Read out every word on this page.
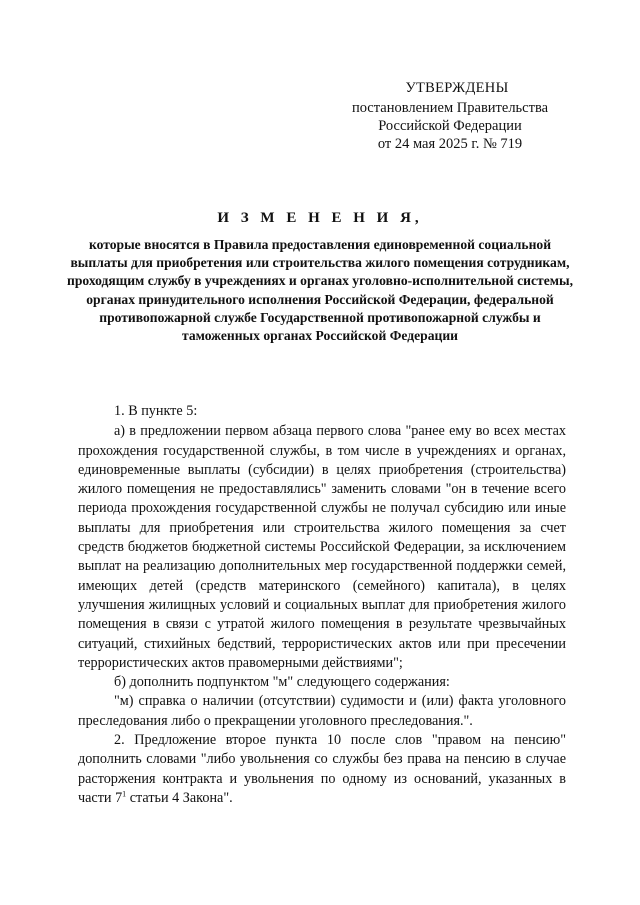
УТВЕРЖДЕНЫ
постановлением Правительства
Российской Федерации
от 24 мая 2025 г. № 719
И З М Е Н Е Н И Я,
которые вносятся в Правила предоставления единовременной социальной выплаты для приобретения или строительства жилого помещения сотрудникам, проходящим службу в учреждениях и органах уголовно-исполнительной системы, органах принудительного исполнения Российской Федерации, федеральной противопожарной службе Государственной противопожарной службы и таможенных органах Российской Федерации

1. В пункте 5:

а) в предложении первом абзаца первого слова "ранее ему во всех местах прохождения государственной службы, в том числе в учреждениях и органах, единовременные выплаты (субсидии) в целях приобретения (строительства) жилого помещения не предоставлялись" заменить словами "он в течение всего периода прохождения государственной службы не получал субсидию или иные выплаты для приобретения или строительства жилого помещения за счет средств бюджетов бюджетной системы Российской Федерации, за исключением выплат на реализацию дополнительных мер государственной поддержки семей, имеющих детей (средств материнского (семейного) капитала), в целях улучшения жилищных условий и социальных выплат для приобретения жилого помещения в связи с утратой жилого помещения в результате чрезвычайных ситуаций, стихийных бедствий, террористических актов или при пресечении террористических актов правомерными действиями";

б) дополнить подпунктом "м" следующего содержания:

"м) справка о наличии (отсутствии) судимости и (или) факта уголовного преследования либо о прекращении уголовного преследования.".

2. Предложение второе пункта 10 после слов "правом на пенсию" дополнить словами "либо увольнения со службы без права на пенсию в случае расторжения контракта и увольнения по одному из оснований, указанных в части $7^1$ статьи 4 Закона".
